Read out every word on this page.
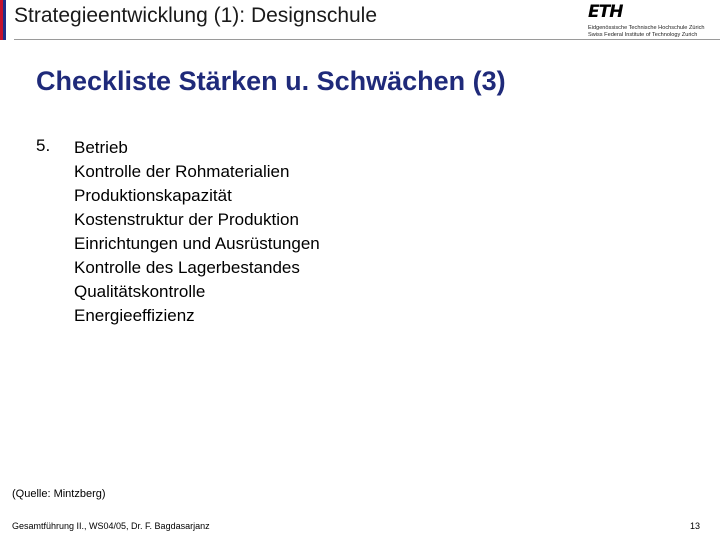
Strategieentwicklung (1): Designschule	ETH
Eidgenössische Technische Hochschule Zürich
Swiss Federal Institute of Technology Zurich
Checkliste Stärken u. Schwächen (3)
5. Betrieb
Kontrolle der Rohmaterialien
Produktionskapazität
Kostenstruktur der Produktion
Einrichtungen und Ausrüstungen
Kontrolle des Lagerbestandes
Qualitätskontrolle
Energieeffizienz
(Quelle: Mintzberg)
Gesamtführung II., WS04/05, Dr. F. Bagdasarjanz	13
